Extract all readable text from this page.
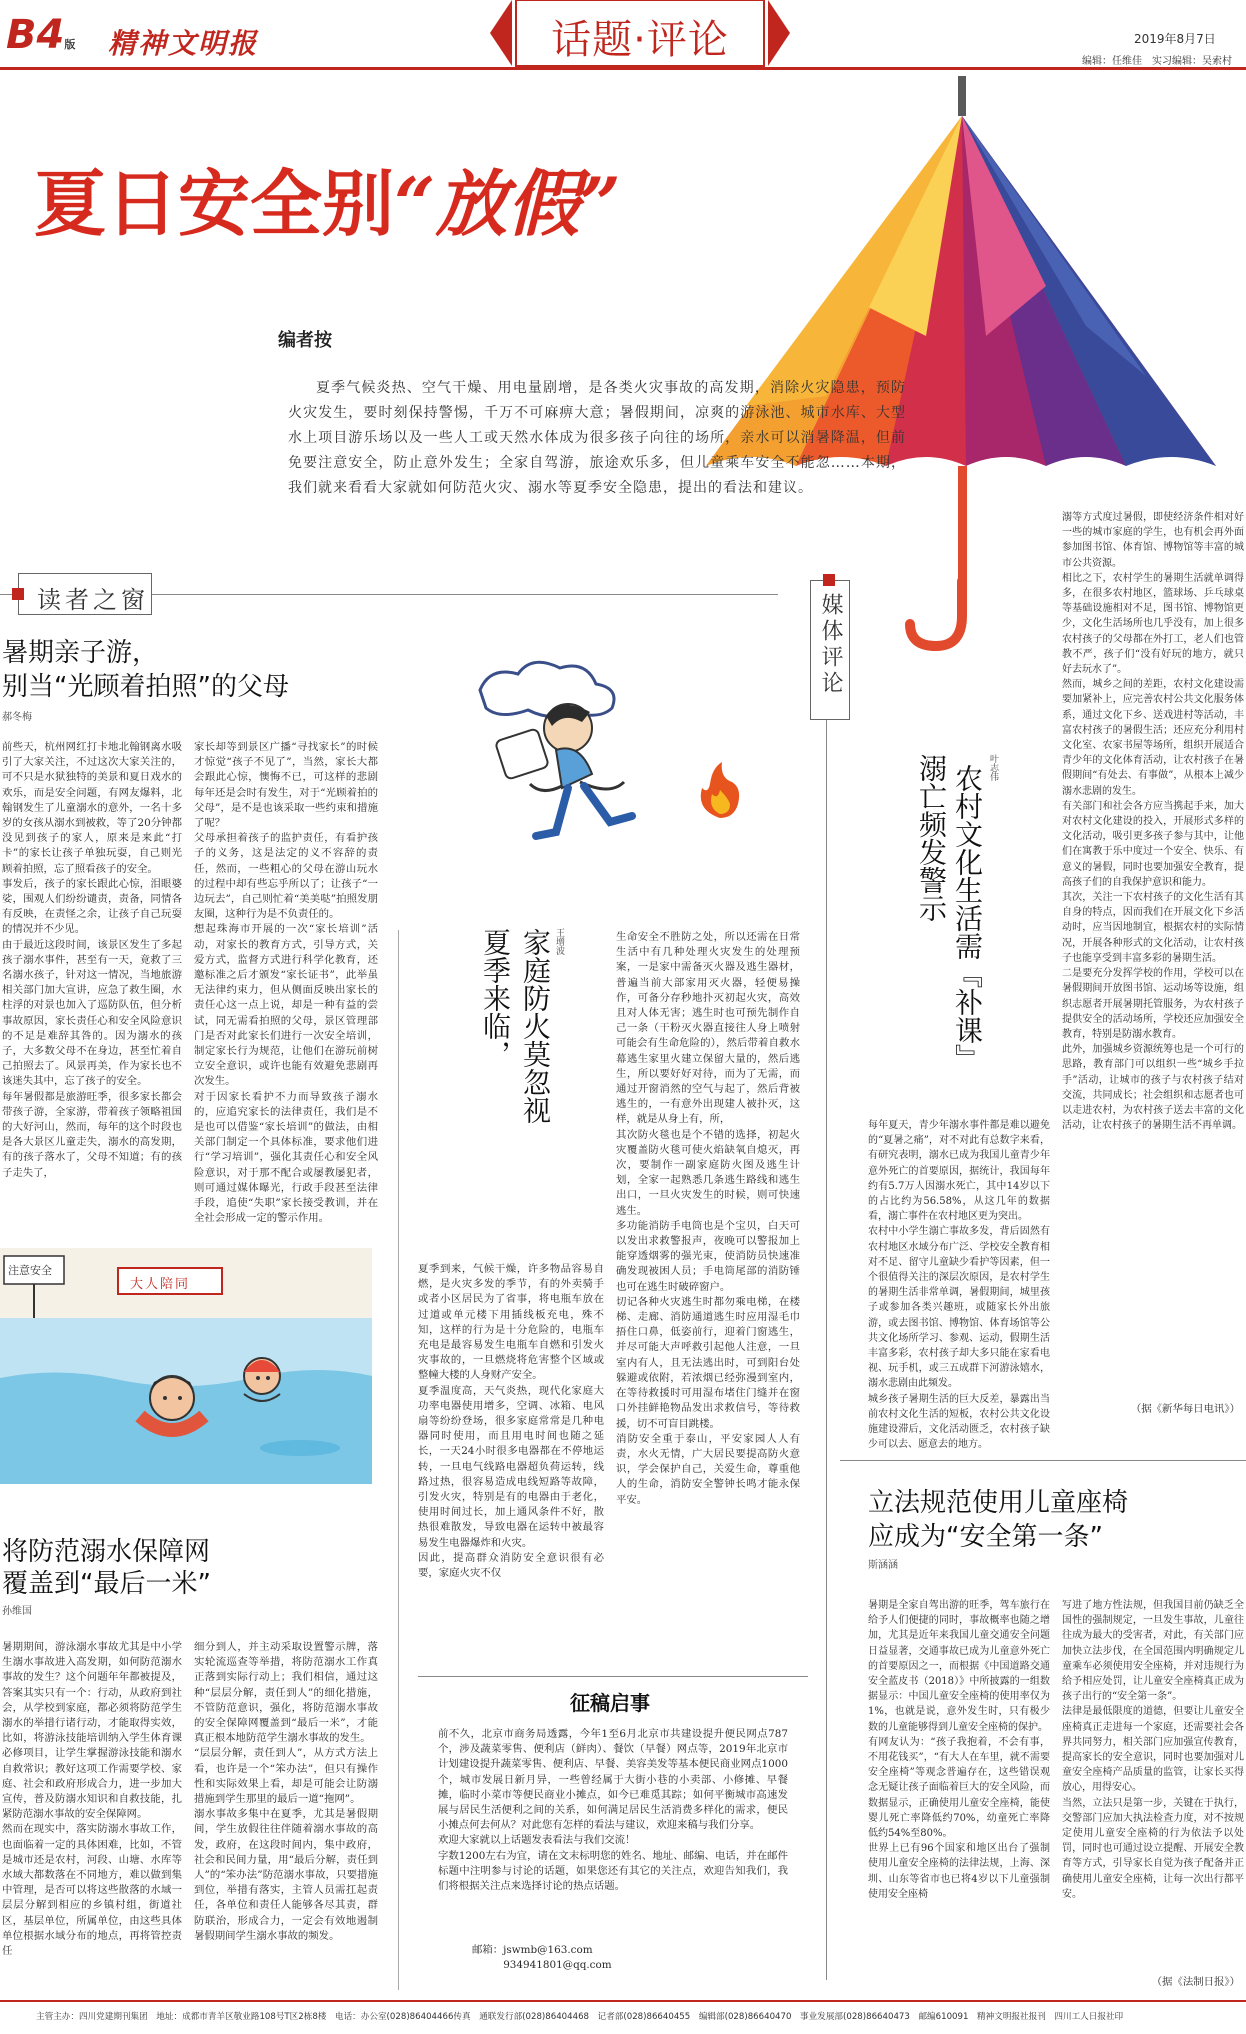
B4版 精神文明报	话题·评论	2019年8月7日
编辑：任维佳　实习编辑：吴索村
夏日安全别“放假”
编者按
夏季气候炎热、空气干燥、用电量剧增，是各类火灾事故的高发期，消除火灾隐患，预防火灾发生，要时刻保持警惕，千万不可麻痹大意；暑假期间，凉爽的游泳池、城市水库、大型水上项目游乐场以及一些人工或天然水体成为很多孩子向往的场所，亲水可以消暑降温，但前免要注意安全，防止意外发生；全家自驾游，旅途欢乐多，但儿童乘车安全不能忽……本期，我们就来看看大家就如何防范火灾、溺水等夏季安全隐患，提出的看法和建议。
读者之窗
暑期亲子游，
别当“光顾着拍照”的父母
郝冬梅
前些天，杭州网红打卡地北翰钢离水吸引了大家关注，不过这次大家关注的，可不只是水狱独特的美景和夏日戏水的欢乐，而是安全问题，有网友爆料，北翰钢发生了儿童溺水的意外，一名十多岁的女孩从溺水到被救，等了20分钟都没见到孩子的家人，原来是来此“打卡”的家长让孩子单独玩耍，自己则光顾着拍照，忘了照看孩子的安全。
事发后，孩子的家长跟此心惊，泪眼婆娑，围观人们纷纷谴责，责备，同情各有反映，在责怪之余，让孩子自己玩耍的情况并不少见。
由于最近这段时间，该景区发生了多起孩子溺水事件，甚至有一天，竟救了三名溺水孩子，针对这一情况，当地旅游相关部门加大宣讲，应急了救生圈，水柱浮的对景也加入了巡防队伍，但分析事故原因，家长责任心和安全风险意识的不足是难辞其咎的。因为溺水的孩子，大多数父母不在身边，甚至忙着自己拍照去了。风景再美，作为家长也不该迷失其中，忘了孩子的安全。
每年暑假都是旅游旺季，很多家长都会带孩子游，全家游，带着孩子领略祖国的大好河山，然而，每年的这个时段也是各大景区儿童走失，溺水的高发期，有的孩子落水了，父母不知道；有的孩子走失了，
家长却等到景区广播“寻找家长”的时候才惊觉“孩子不见了”，当然，家长大都会跟此心惊，懊悔不已，可这样的悲剧每年还是会时有发生，对于“光顾着拍的父母”，是不是也该采取一些约束和措施了呢？
父母承担着孩子的监护责任，有看护孩子的义务，这是法定的义不容辞的责任，然而，一些粗心的父母在游山玩水的过程中却有些忘乎所以了；让孩子“一边玩去”，自己则忙着“美美哒”拍照发朋友圈，这种行为是不负责任的。
想起珠海市开展的一次“家长培训”活动，对家长的教育方式，引导方式，关爱方式，监督方式进行科学化教育，还邀标准之后才颁发“家长证书”，此举虽无法律约束力，但从侧面反映出家长的责任心这一点上说，却是一种有益的尝试，同无需看拍照的父母，景区管理部门是否对此家长们进行一次安全培训，制定家长行为规范，让他们在游玩前树立安全意识，或许也能有效避免悲剧再次发生。
对于因家长看护不力而导致孩子溺水的，应追究家长的法律责任，我们是不是也可以借鉴“家长培训”的做法，由相关部门制定一个具体标准，要求他们进行“学习培训”，强化其责任心和安全风险意识，对于那不配合或屡教屡犯者，则可通过媒体曝光，行政手段甚至法律手段，追使“失职”家长接受教训，并在全社会形成一定的警示作用。
家庭防火莫忽视
夏季来临，	王增波	生命安全不胜防之处，所以还需在日常生活中有几种处理火灾发生的处理预案，一是家中需备灭火器及逃生器材，普遍当前大部家用灭火器，轻便易操作，可备分存秒地扑灭初起火灾，高效且对人体无害；逃生时也可预先制作自己一条（干粉灭火器直接往人身上喷射可能会有生命危险的），然后带着自救水幕逃生家里火建立保留大量的，然后逃生，所以要好好对待，而为了无需，而通过开窗消然的空气与起了，然后背被逃生的，一有意外出现建人被扑灭，这样，就是从身上有，所，
其次防火毯也是个不错的选择，初起火灾覆盖防火毯可使火焰缺氧自熄灭，再次，要制作一副家庭防火图及逃生计划，全家一起熟悉几条逃生路线和逃生出口，一旦火灾发生的时候，则可快速逃生。
多功能消防手电筒也是个宝贝，白天可以发出求救警报声，夜晚可以警报加上能穿透烟雾的强光束，使消防员快速准确发现被困人员；手电筒尾部的消防锤也可在逃生时破碎窗户。
切记各种火灾逃生时都勿乘电梯，在楼梯、走廊、消防通道逃生时应用湿毛巾捂住口鼻，低姿前行，迎着门窗逃生，并尽可能大声呼救引起他人注意，一旦室内有人，且无法逃出时，可到阳台处躲避或依附，若浓烟已经弥漫到室内，在等待救援时可用湿布堵住门缝并在窗口外挂鲜艳物品发出求救信号，等待救援，切不可盲目跳楼。
消防安全重于泰山，平安家园人人有责，水火无情，广大居民要提高防火意识，学会保护自己，关爱生命，尊重他人的生命，消防安全警钟长鸣才能永保平安。
夏季到来，气候干燥，许多物品容易自燃，是火灾多发的季节，有的外卖骑手或者小区居民为了省事，将电瓶车放在过道或单元楼下用插线板充电，殊不知，这样的行为是十分危险的，电瓶车充电是最容易发生电瓶车自燃和引发火灾事故的，一旦燃烧将危害整个区域或整幢大楼的人身财产安全。
夏季温度高，天气炎热，现代化家庭大功率电器使用增多，空调、冰箱、电风扇等纷纷登场，很多家庭常常是几种电器同时使用，而且用电时间也随之延长，一天24小时很多电器都在不停地运转，一旦电气线路电器超负荷运转，线路过热，很容易造成电线短路等故障，引发火灾，特别是有的电器由于老化，使用时间过长，加上通风条件不好，散热很难散发，导致电器在运转中被最容易发生电器爆炸和火灾。
因此，提高群众消防安全意识很有必要，家庭火灾不仅
注意安全
大人陪同
将防范溺水保障网
覆盖到“最后一米”
孙维国
暑期期间，游泳溺水事故尤其是中小学生溺水事故进入高发期，如何防范溺水事故的发生？这个问题年年都被提及，答案其实只有一个：行动，从政府到社会，从学校到家庭，都必须将防范学生溺水的举措行诸行动，才能取得实效，比如，将游泳技能培训纳入学生体育课必修项目，让学生掌握游泳技能和溺水自救常识；教好这项工作需要学校、家庭、社会和政府形成合力，进一步加大宣传，普及防溺水知识和自救技能，扎紧防范溺水事故的安全保障网。
然而在现实中，落实防溺水事故工作，也面临着一定的具体困难，比如，不管是城市还是农村，河段、山塘、水库等水域大都数落在不同地方，难以做到集中管理，是否可以将这些散落的水域一层层分解到相应的乡镇村组，街道社区，基层单位，所属单位，由这些具体单位根据水域分布的地点，再将管控责任
细分到人，并主动采取设置警示牌，落实轮流巡查等举措，将防范溺水工作真正落到实际行动上；我们相信，通过这种“层层分解，责任到人”的细化措施，不管防范意识，强化，将防范溺水事故的安全保障网覆盖到“最后一米”，才能真正根本地防范学生溺水事故的发生。
“层层分解，责任到人”，从方式方法上看，也许是一个“笨办法”，但只有操作性和实际效果上看，却是可能会让防溺措施到学生那里的最后一道“拖网”。
溺水事故多集中在夏季，尤其是暑假期间，学生放假往往伴随着溺水事故的高发，政府，在这段时间内，集中政府，社会和民间力量，用“最后分解，责任到人”的“笨办法”防范溺水事故，只要措施到位，举措有落实，主管人员需扛起责任，各单位和责任人能够各尽其责，群防联治，形成合力，一定会有效地遏制暑假期间学生溺水事故的频发。
征稿启事
前不久，北京市商务局透露，今年1至6月北京市共建设提升便民网点787个，涉及蔬菜零售、便利店（鲜肉）、餐饮（早餐）网点等，2019年北京市计划建设提升蔬菜零售、便利店、早餐、美容美发等基本便民商业网点1000个，城市发展日新月异，一些曾经属于大街小巷的小卖部、小修摊、早餐摊，临时小菜市等便民商业小摊点，如今已难觅其踪；如何平衡城市高速发展与居民生活便利之间的关系，如何满足居民生活消费多样化的需求，便民小摊点何去何从？对此您有怎样的看法与建议，欢迎来稿与我们分享。
欢迎大家就以上话题发表看法与我们交流！
字数1200左右为宜，请在文末标明您的姓名、地址、邮编、电话，并在邮件标题中注明参与讨论的话题，如果您还有其它的关注点，欢迎告知我们，我们将根据关注点来选择讨论的热点话题。
邮箱：jswmb@163.com
934941801@qq.com
媒体评论
农村文化生活需『补课』
溺亡频发警示	叶志伟
每年夏天，青少年溺水事件都是难以避免的“夏暑之痛”，对不对此有总数字来看，有研究表明，溺水已成为我国儿童青少年意外死亡的首要原因，据统计，我国每年约有5.7万人因溺水死亡，其中14岁以下的占比约为56.58%，从这几年的数据看，溺亡事件在农村地区更为突出。
农村中小学生溺亡事故多发，背后固然有农村地区水域分布广泛、学校安全教育相对不足、留守儿童缺少看护等因素，但一个很值得关注的深层次原因，是农村学生的暑期生活非常单调，暑假期间，城里孩子或参加各类兴趣班，或随家长外出旅游，或去图书馆、博物馆、体育场馆等公共文化场所学习、参观、运动，假期生活丰富多彩，农村孩子却大多只能在家看电视、玩手机，或三五成群下河游泳嬉水，溺水悲剧由此频发。
城乡孩子暑期生活的巨大反差，暴露出当前农村文化生活的短板，农村公共文化设施建设滞后，文化活动匮乏，农村孩子缺少可以去、愿意去的地方。
溺等方式度过暑假，即使经济条件相对好一些的城市家庭的学生，也有机会再外面参加图书馆、体育馆、博物馆等丰富的城市公共资源。
相比之下，农村学生的暑期生活就单调得多，在很多农村地区，篮球场、乒乓球桌等基础设施相对不足，图书馆、博物馆更少，文化生活场所也几乎没有，加上很多农村孩子的父母都在外打工，老人们也管教不严，孩子们“没有好玩的地方，就只好去玩水了”。
然而，城乡之间的差距，农村文化建设需要加紧补上，应完善农村公共文化服务体系，通过文化下乡、送戏进村等活动，丰富农村孩子的暑假生活；还应充分利用村文化室、农家书屋等场所，组织开展适合青少年的文化体育活动，让农村孩子在暑假期间“有处去、有事做”，从根本上减少溺水悲剧的发生。
有关部门和社会各方应当携起手来，加大对农村文化建设的投入，开展形式多样的文化活动，吸引更多孩子参与其中，让他们在寓教于乐中度过一个安全、快乐、有意义的暑假，同时也要加强安全教育，提高孩子们的自我保护意识和能力。
其次，关注一下农村孩子的文化生活有其自身的特点，因而我们在开展文化下乡活动时，应当因地制宜，根据农村的实际情况，开展各种形式的文化活动，让农村孩子也能享受到丰富多彩的暑期生活。
二是要充分发挥学校的作用，学校可以在暑假期间开放图书馆、运动场等设施，组织志愿者开展暑期托管服务，为农村孩子提供安全的活动场所，学校还应加强安全教育，特别是防溺水教育。
此外，加强城乡资源统筹也是一个可行的思路，教育部门可以组织一些“城乡手拉手”活动，让城市的孩子与农村孩子结对交流，共同成长；社会组织和志愿者也可以走进农村，为农村孩子送去丰富的文化活动，让农村孩子的暑期生活不再单调。
（据《新华每日电讯》）
立法规范使用儿童座椅
应成为“安全第一条”
斯涵涵
暑期是全家自驾出游的旺季，驾车旅行在给予人们便捷的同时，事故概率也随之增加，尤其是近年来我国儿童交通安全问题日益显著，交通事故已成为儿童意外死亡的首要原因之一，而根据《中国道路交通安全蓝皮书（2018）》中所披露的一组数据显示：中国儿童安全座椅的使用率仅为1%，也就是说，意外发生时，只有极少数的儿童能够得到儿童安全座椅的保护。
有网友认为：“孩子我抱着，不会有事，不用花钱买”，“有大人在车里，就不需要安全座椅”等观念普遍存在，这些错误观念无疑让孩子面临着巨大的安全风险，而数据显示，正确使用儿童安全座椅，能使婴儿死亡率降低约70%，幼童死亡率降低约54%至80%。
世界上已有96个国家和地区出台了强制使用儿童安全座椅的法律法规，上海、深圳、山东等省市也已将4岁以下儿童强制使用安全座椅
写进了地方性法规，但我国目前仍缺乏全国性的强制规定，一旦发生事故，儿童往往成为最大的受害者，对此，有关部门应加快立法步伐，在全国范围内明确规定儿童乘车必须使用安全座椅，并对违规行为给予相应处罚，让儿童安全座椅真正成为孩子出行的“安全第一条”。
法律是最低限度的道德，但要让儿童安全座椅真正走进每一个家庭，还需要社会各界共同努力，相关部门应加强宣传教育，提高家长的安全意识，同时也要加强对儿童安全座椅产品质量的监管，让家长买得放心，用得安心。
当然，立法只是第一步，关键在于执行，交警部门应加大执法检查力度，对不按规定使用儿童安全座椅的行为依法予以处罚，同时也可通过设立提醒、开展安全教育等方式，引导家长自觉为孩子配备并正确使用儿童安全座椅，让每一次出行都平安。
（据《法制日报》）
主管主办：四川党建期刊集团　地址：成都市青羊区敬业路108号T区2栋8楼　电话：办公室(028)86404466传真　通联发行部(028)86404468　记者部(028)86640455　编辑部(028)86640470　事业发展部(028)86640473　邮编610091　精神文明报社报刊　四川工人日报社印
